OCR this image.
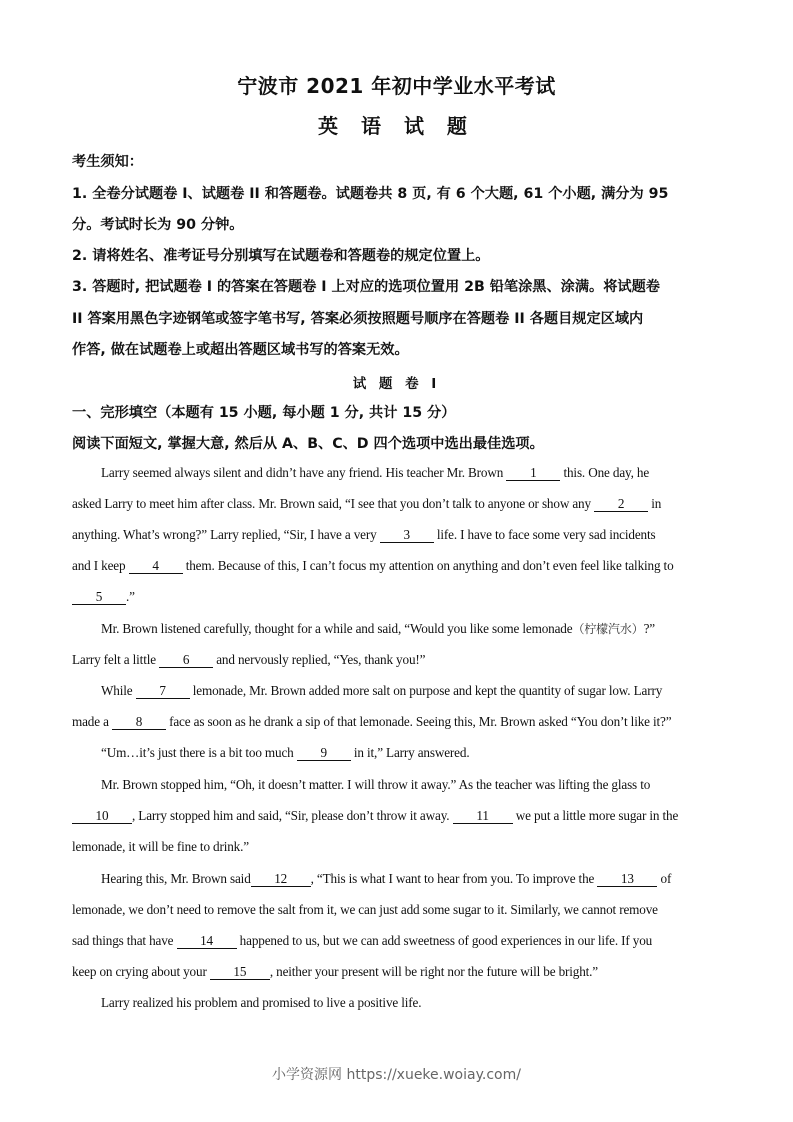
宁波市 2021 年初中学业水平考试
英 语 试 题
考生须知：
1. 全卷分试题卷 I、试题卷 II 和答题卷。试题卷共 8 页, 有 6 个大题, 61 个小题, 满分为 95
分。考试时长为 90 分钟。
2. 请将姓名、准考证号分别填写在试题卷和答题卷的规定位置上。
3. 答题时, 把试题卷 I 的答案在答题卷 I 上对应的选项位置用 2B 铅笔涂黑、涂满。将试题卷
II 答案用黑色字迹钢笔或签字笔书写, 答案必须按照题号顺序在答题卷 II 各题目规定区域内
作答, 做在试题卷上或超出答题区域书写的答案无效。
试 题 卷 I
一、完形填空（本题有 15 小题, 每小题 1 分, 共计 15 分）
阅读下面短文, 掌握大意, 然后从 A、B、C、D 四个选项中选出最佳选项。
Larry seemed always silent and didn’t have any friend. His teacher Mr. Brown 1 this. One day, he
asked Larry to meet him after class. Mr. Brown said, “I see that you don’t talk to anyone or show any 2 in
anything. What’s wrong?” Larry replied, “Sir, I have a very 3 life. I have to face some very sad incidents
and I keep 4 them. Because of this, I can’t focus my attention on anything and don’t even feel like talking to
5 .”
Mr. Brown listened carefully, thought for a while and said, “Would you like some lemonade（柠檬汽水）?”
Larry felt a little 6 and nervously replied, “Yes, thank you!”
While 7 lemonade, Mr. Brown added more salt on purpose and kept the quantity of sugar low. Larry
made a 8 face as soon as he drank a sip of that lemonade. Seeing this, Mr. Brown asked “You don’t like it?”
“Um…it’s just there is a bit too much 9 in it,” Larry answered.
Mr. Brown stopped him, “Oh, it doesn’t matter. I will throw it away.” As the teacher was lifting the glass to
10 , Larry stopped him and said, “Sir, please don’t throw it away. 11 we put a little more sugar in the
lemonade, it will be fine to drink.”
Hearing this, Mr. Brown said 12 , “This is what I want to hear from you. To improve the 13 of
lemonade, we don’t need to remove the salt from it, we can just add some sugar to it. Similarly, we cannot remove
sad things that have 14 happened to us, but we can add sweetness of good experiences in our life. If you
keep on crying about your 15 , neither your present will be right nor the future will be bright.”
Larry realized his problem and promised to live a positive life.
小学资源网 https://xueke.woiay.com/
